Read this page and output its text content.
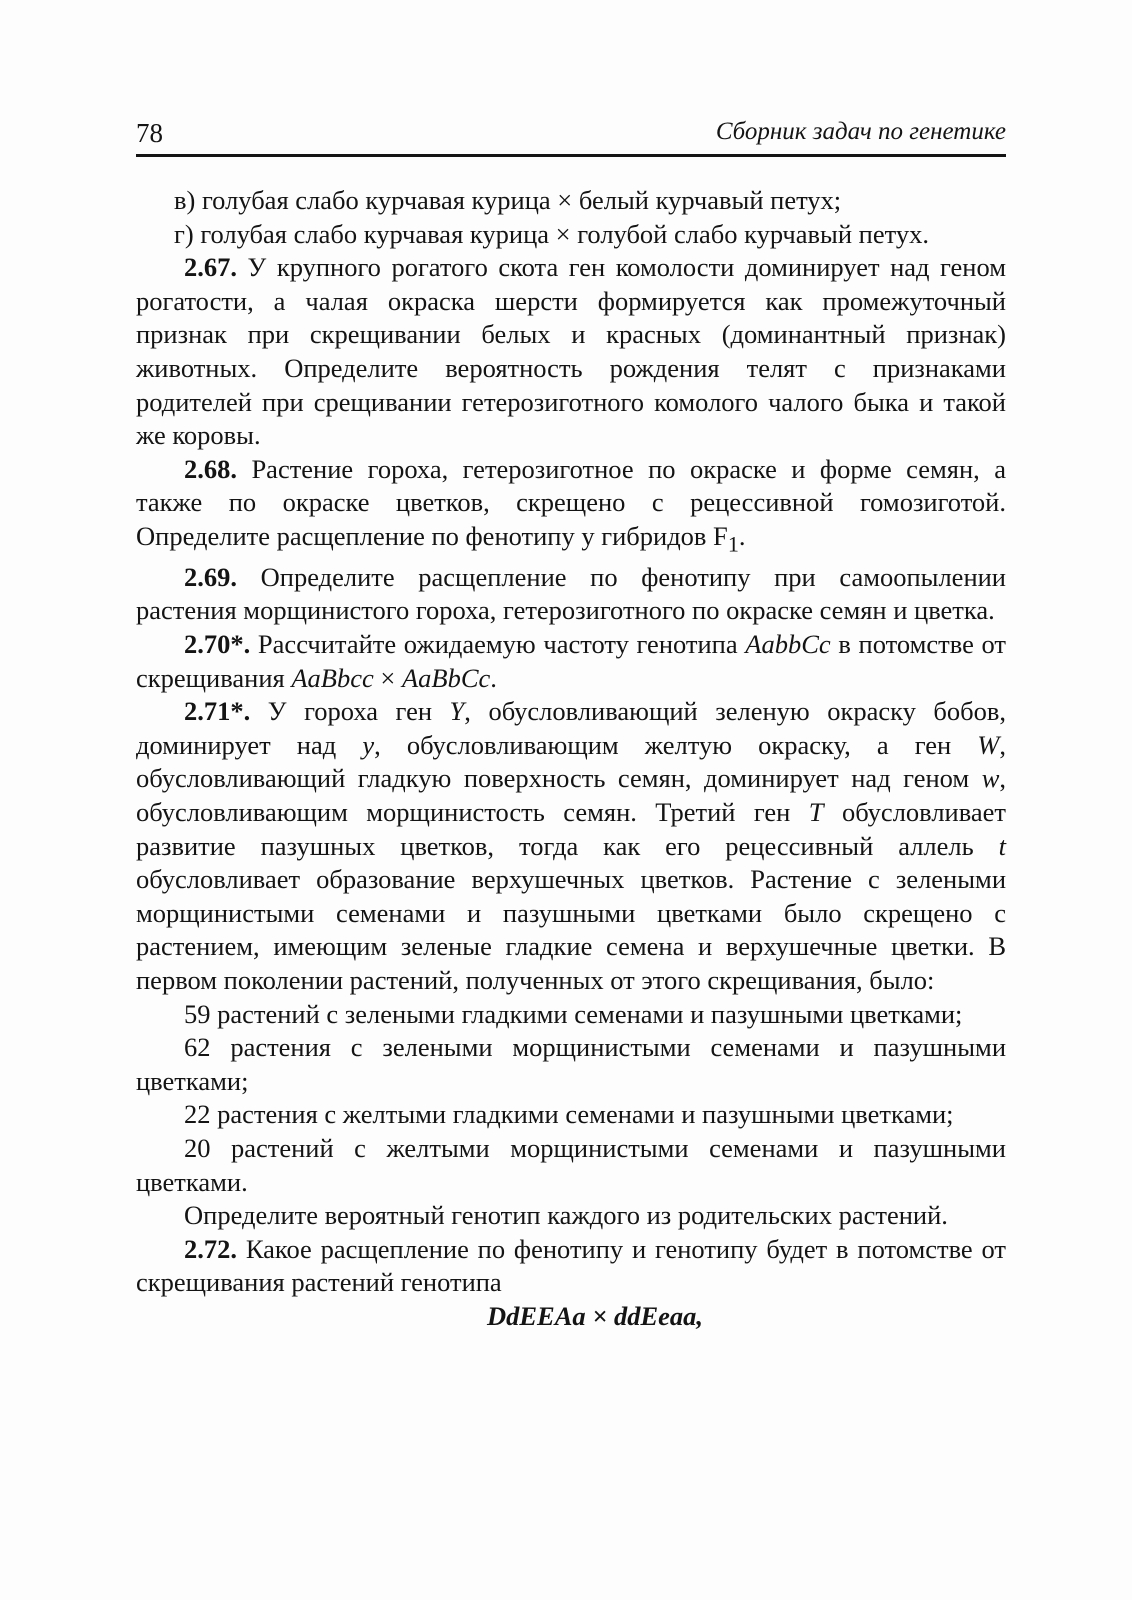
78	Сборник задач по генетике

в) голубая слабо курчавая курица × белый курчавый петух;

г) голубая слабо курчавая курица × голубой слабо курчавый петух.

2.67. У крупного рогатого скота ген комолости доминирует над геном рогатости, а чалая окраска шерсти формируется как промежуточный признак при скрещивании белых и красных (доминантный признак) животных. Определите вероятность рождения телят с признаками родителей при срещивании гетерозиготного комолого чалого быка и такой же коровы.

2.68. Растение гороха, гетерозиготное по окраске и форме семян, а также по окраске цветков, скрещено с рецессивной гомозиготой. Определите расщепление по фенотипу у гибридов $F_1$.

2.69. Определите расщепление по фенотипу при самоопылении растения морщинистого гороха, гетерозиготного по окраске семян и цветка.

2.70*. Рассчитайте ожидаемую частоту генотипа AabbCc в потомстве от скрещивания AaBbcc × AaBbCc.

2.71*. У гороха ген Y, обусловливающий зеленую окраску бобов, доминирует над y, обусловливающим желтую окраску, а ген W, обусловливающий гладкую поверхность семян, доминирует над геном w, обусловливающим морщинистость семян. Третий ген T обусловливает развитие пазушных цветков, тогда как его рецессивный аллель t обусловливает образование верхушечных цветков. Растение с зелеными морщинистыми семенами и пазушными цветками было скрещено с растением, имеющим зеленые гладкие семена и верхушечные цветки. В первом поколении растений, полученных от этого скрещивания, было:

59 растений с зелеными гладкими семенами и пазушными цветками;

62 растения с зелеными морщинистыми семенами и пазушными цветками;

22 растения с желтыми гладкими семенами и пазушными цветками;

20 растений с желтыми морщинистыми семенами и пазушными цветками.

Определите вероятный генотип каждого из родительских растений.

2.72. Какое расщепление по фенотипу и генотипу будет в потомстве от скрещивания растений генотипа

DdEEAa × ddEeaa,
